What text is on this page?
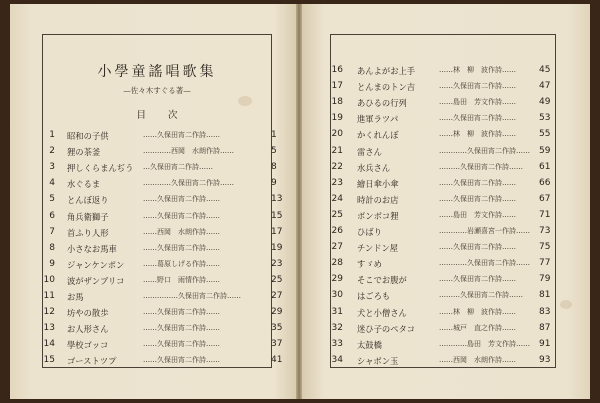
小學童謠唱歌集
—佐々木すぐる著—
目次
1 昭和の子供	……久保田宵二作詩……	1
2 狸の茶釜	…………西岡　水朗作詩……	5
3 押しくらまんぢう …久保田宵二作詩……	8
4 水ぐるま	…………久保田宵二作詩……	9
5 とんぼ返り	……久保田宵二作詩……	13
6 角兵衛獅子	……久保田宵二作詩……	15
7 首ふり人形	……西岡　水朗作詩……	17
8 小さなお馬車	……久保田宵二作詩……	19
9 ジャンケンポン	……葛原しげる作詩……	23
10 波がザンブリコ	……野口　雨情作詩……	25
11 お馬	……………久保田宵二作詩……	27
12 坊やの散歩	……久保田宵二作詩……	29
13 お人形さん	……久保田宵二作詩……	35
14 學校ゴッコ	……久保田宵二作詩……	37
15 ゴーストツプ	……久保田宵二作詩……	41
16 あんよがお上手	……林　柳　波作詩……	45
17 とんまのトン吉	……久保田宵二作詩……	47
18 あひるの行列	……島田　芳文作詩……	49
19 進軍ラツパ	……久保田宵二作詩……	53
20 かくれんぼ	……林　柳　波作詩……	55
21 雷さん	…………久保田宵二作詩…… 59
22 水兵さん	………久保田宵二作詩…… 61
23 繪日傘小傘	……久保田宵二作詩……	66
24 時計のお店	……久保田宵二作詩……	67
25 ボンボコ狸	……島田　芳文作詩……	71
26 ひばり	…………岩瀬喜宮一作詩…… 73
27 チンドン屋	……久保田宵二作詩……	75
28 すゞめ	…………久保田宵二作詩…… 77
29 そこでお腹が	……久保田宵二作詩……	79
30 はごろも	………久保田宵二作詩…… 81
31 犬と小僧さん	……林　柳　波作詩……	83
32 迷ひ子のペタコ	……城戸　直之作詩……	87
33 太鼓橋	…………島田　芳文作詩…… 91
34 シャボン玉	……西岡　水朗作詩……	93
